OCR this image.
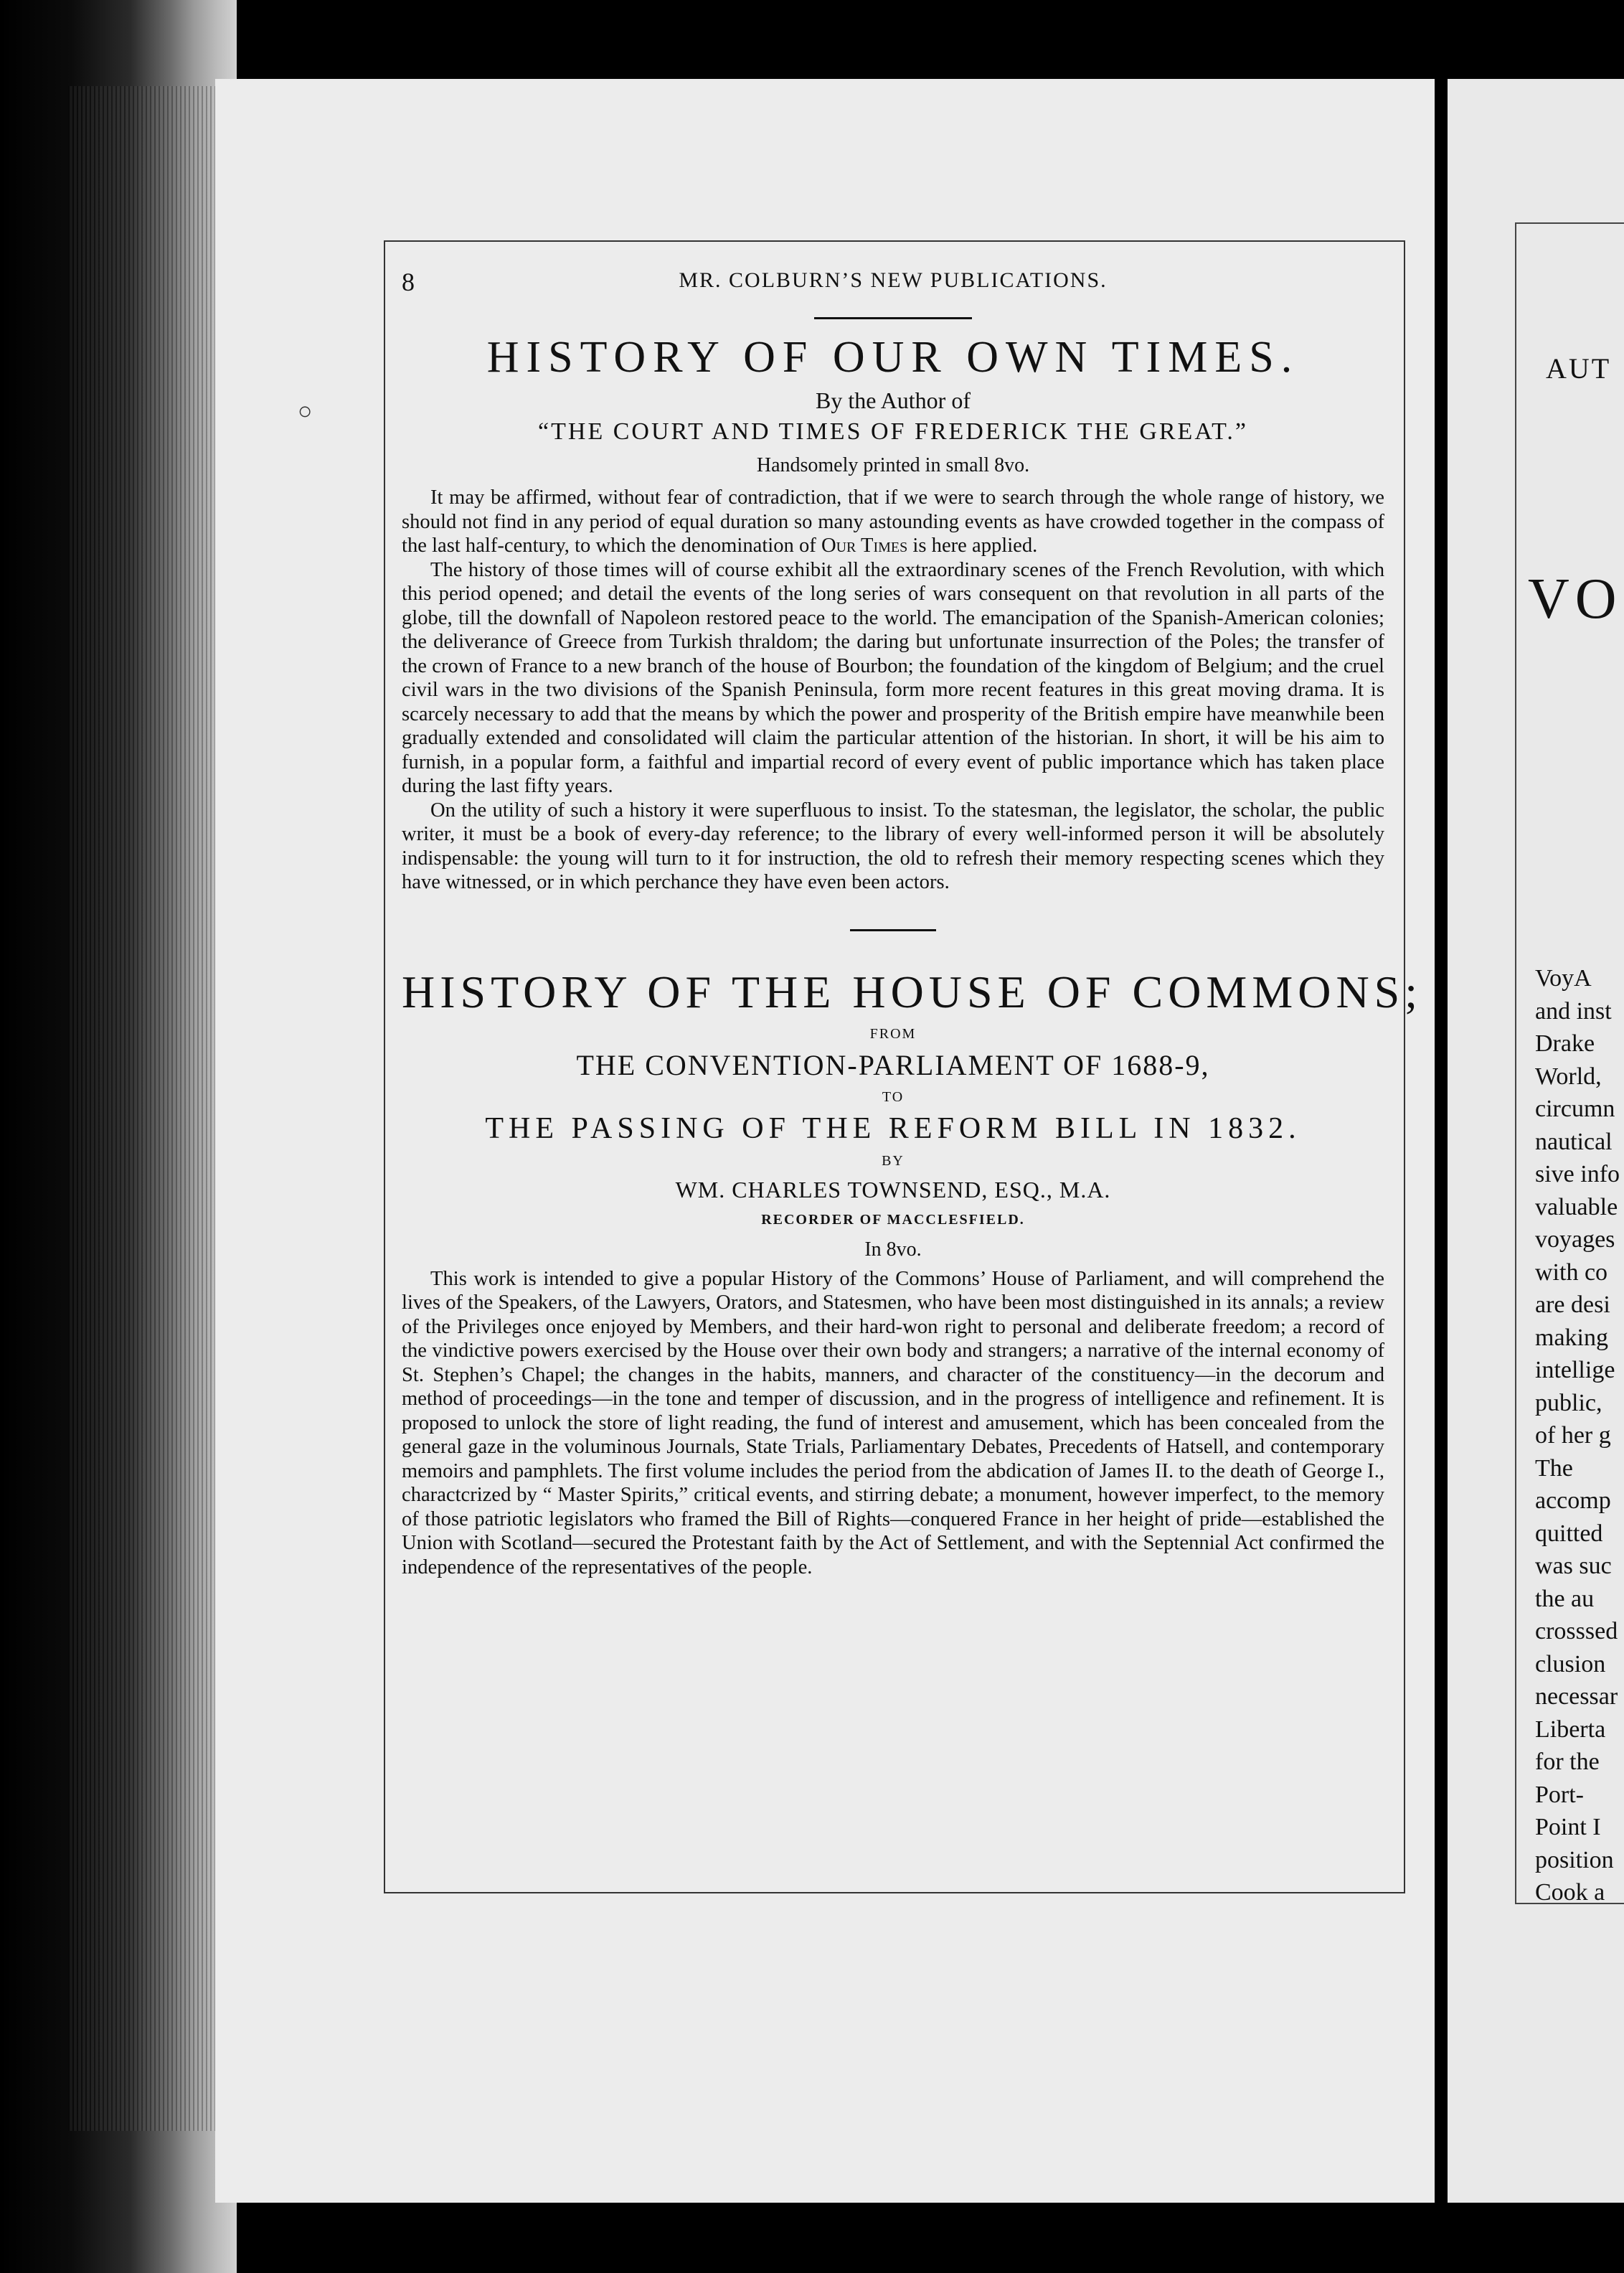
8	MR. COLBURN’S NEW PUBLICATIONS.
HISTORY OF OUR OWN TIMES.
By the Author of
“THE COURT AND TIMES OF FREDERICK THE GREAT.”
Handsomely printed in small 8vo.

It may be affirmed, without fear of contradiction, that if we were to search through the whole range of history, we should not find in any period of equal duration so many astounding events as have crowded together in the compass of the last half-century, to which the denomination of Our Times is here applied.

The history of those times will of course exhibit all the extraordinary scenes of the French Revolution, with which this period opened; and detail the events of the long series of wars consequent on that revolution in all parts of the globe, till the downfall of Napoleon restored peace to the world. The emancipation of the Spanish-American colonies; the deliverance of Greece from Turkish thraldom; the daring but unfortunate insurrection of the Poles; the transfer of the crown of France to a new branch of the house of Bourbon; the foundation of the kingdom of Belgium; and the cruel civil wars in the two divisions of the Spanish Peninsula, form more recent features in this great moving drama. It is scarcely necessary to add that the means by which the power and prosperity of the British empire have meanwhile been gradually extended and consolidated will claim the particular attention of the historian. In short, it will be his aim to furnish, in a popular form, a faithful and impartial record of every event of public importance which has taken place during the last fifty years.

On the utility of such a history it were superfluous to insist. To the statesman, the legislator, the scholar, the public writer, it must be a book of every-day reference; to the library of every well-informed person it will be absolutely indispensable: the young will turn to it for instruction, the old to refresh their memory respecting scenes which they have witnessed, or in which perchance they have even been actors.

HISTORY OF THE HOUSE OF COMMONS;
FROM
THE CONVENTION-PARLIAMENT OF 1688-9,
TO
THE PASSING OF THE REFORM BILL IN 1832.
BY
WM. CHARLES TOWNSEND, ESQ., M.A.
RECORDER OF MACCLESFIELD.
In 8vo.

This work is intended to give a popular History of the Commons’ House of Parliament, and will comprehend the lives of the Speakers, of the Lawyers, Orators, and Statesmen, who have been most distinguished in its annals; a review of the Privileges once enjoyed by Members, and their hard-won right to personal and deliberate freedom; a record of the vindictive powers exercised by the House over their own body and strangers; a narrative of the internal economy of St. Stephen’s Chapel; the changes in the habits, manners, and character of the constituency—in the decorum and method of proceedings—in the tone and temper of discussion, and in the progress of intelligence and refinement. It is proposed to unlock the store of light reading, the fund of interest and amusement, which has been concealed from the general gaze in the voluminous Journals, State Trials, Parliamentary Debates, Precedents of Hatsell, and contemporary memoirs and pamphlets. The first volume includes the period from the abdication of James II. to the death of George I., charactcrized by “ Master Spirits,” critical events, and stirring debate; a monument, however imperfect, to the memory of those patriotic legislators who framed the Bill of Rights—conquered France in her height of pride—established the Union with Scotland—secured the Protestant faith by the Act of Settlement, and with the Septennial Act confirmed the independence of the representatives of the people.

AUT
VO
VoyA
and inst
Drake
World,
circumn
nautical
sive info
valuable
voyages
with co
are desi
making
intellige
public,
of her g
The
accomp
quitted
was suc
the au
crosssed
clusion
necessar
Liberta
for the
Port-
Point I
position
Cook a
○
